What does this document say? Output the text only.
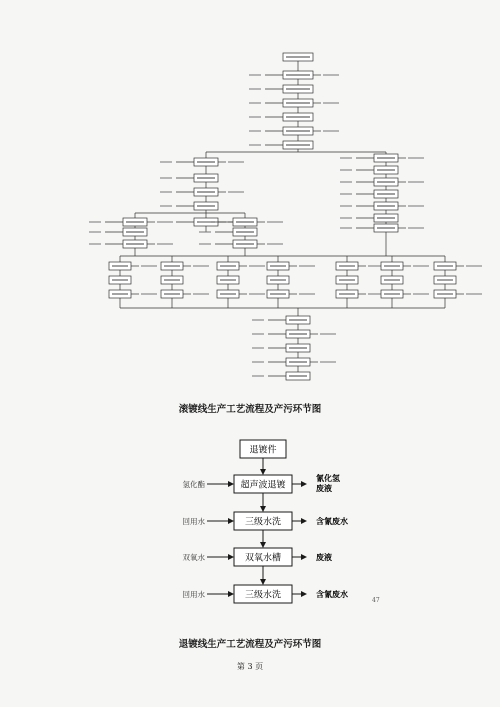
滚镀线生产工艺流程及产污环节图
退镀件
超声波退镀
氢化酯
氰化氢
废液
三级水洗
回用水	含氰废水
双氧水槽
双氧水	废液
三级水洗
回用水	含氰废水
47
退镀线生产工艺流程及产污环节图
第 3 页
